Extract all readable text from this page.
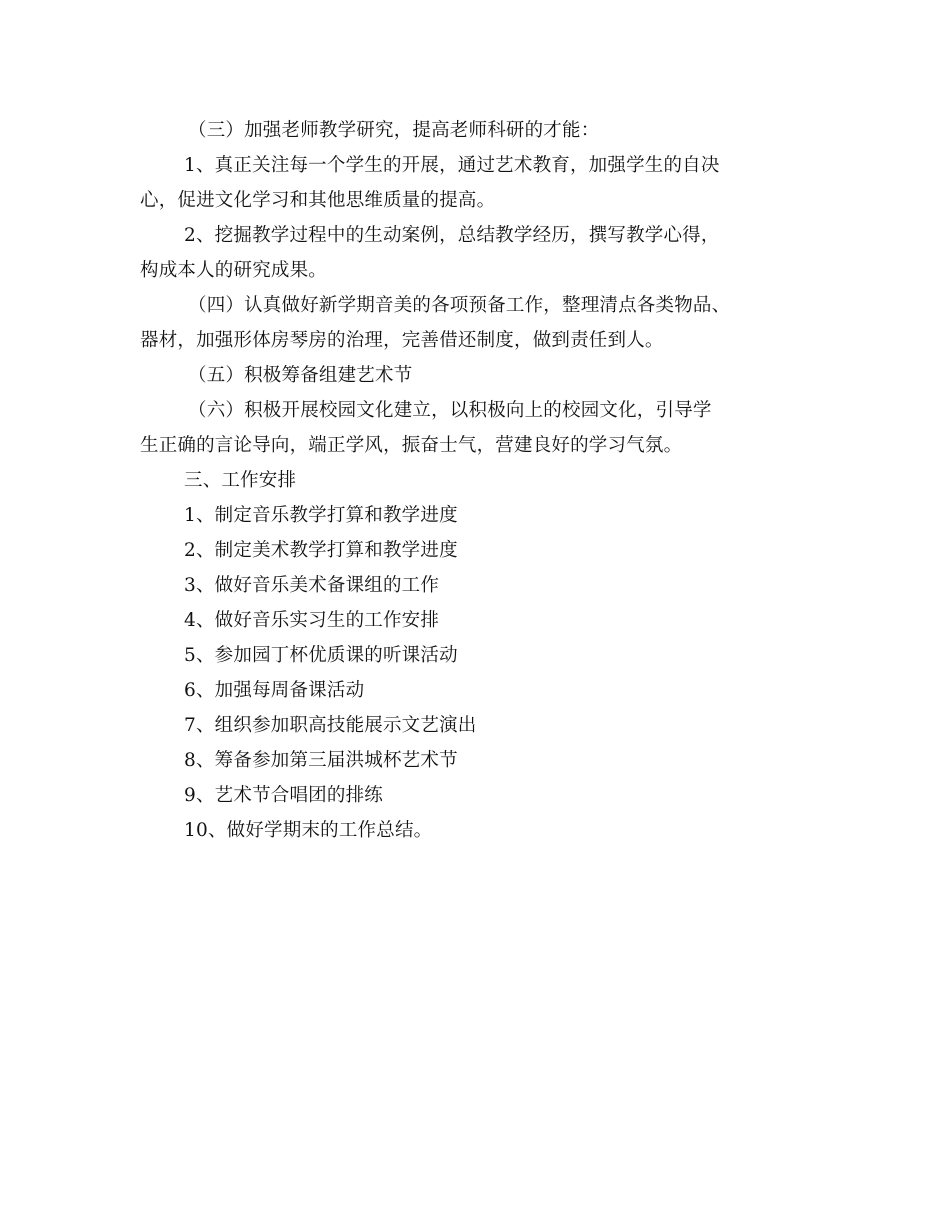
（三）加强老师教学研究，提高老师科研的才能：
1、真正关注每一个学生的开展，通过艺术教育，加强学生的自决
心，促进文化学习和其他思维质量的提高。
2、挖掘教学过程中的生动案例，总结教学经历，撰写教学心得，
构成本人的研究成果。
（四）认真做好新学期音美的各项预备工作，整理清点各类物品、
器材，加强形体房琴房的治理，完善借还制度，做到责任到人。
（五）积极筹备组建艺术节
（六）积极开展校园文化建立，以积极向上的校园文化，引导学
生正确的言论导向，端正学风，振奋士气，营建良好的学习气氛。
三、工作安排
1、制定音乐教学打算和教学进度
2、制定美术教学打算和教学进度
3、做好音乐美术备课组的工作
4、做好音乐实习生的工作安排
5、参加园丁杯优质课的听课活动
6、加强每周备课活动
7、组织参加职高技能展示文艺演出
8、筹备参加第三届洪城杯艺术节
9、艺术节合唱团的排练
10、做好学期末的工作总结。
